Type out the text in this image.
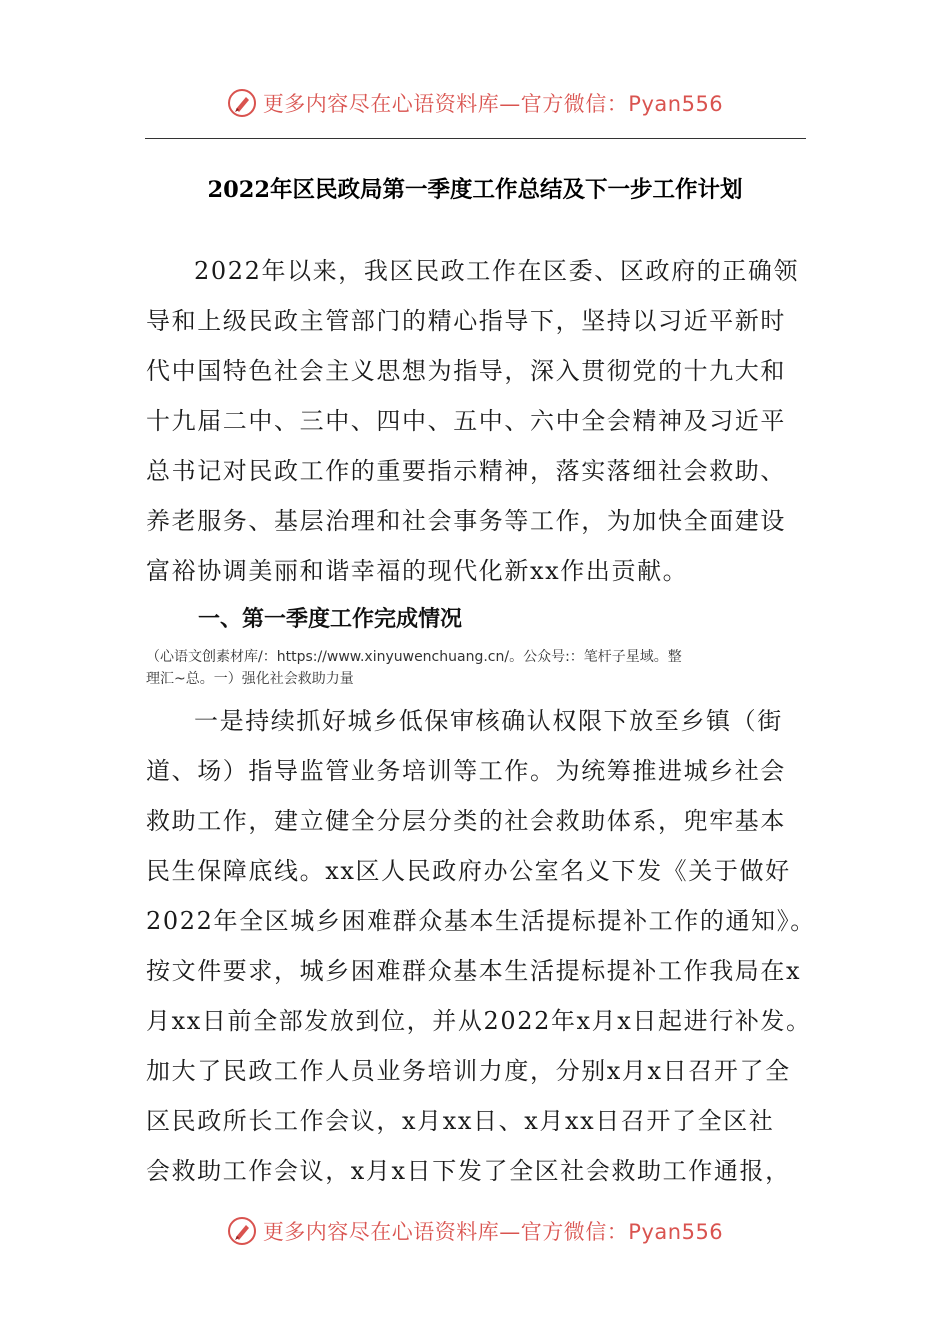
更多内容尽在心语资料库—官方微信：Pyan556
2022年区民政局第一季度工作总结及下一步工作计划
2022年以来，我区民政工作在区委、区政府的正确领
导和上级民政主管部门的精心指导下，坚持以习近平新时
代中国特色社会主义思想为指导，深入贯彻党的十九大和
十九届二中、三中、四中、五中、六中全会精神及习近平
总书记对民政工作的重要指示精神，落实落细社会救助、
养老服务、基层治理和社会事务等工作，为加快全面建设
富裕协调美丽和谐幸福的现代化新xx作出贡献。
一、第一季度工作完成情况
（心语文创素材库/：https://www.xinyuwenchuang.cn/。公众号:：笔杆子星域。整
理汇~总。一）强化社会救助力量
一是持续抓好城乡低保审核确认权限下放至乡镇（街
道、场）指导监管业务培训等工作。为统筹推进城乡社会
救助工作，建立健全分层分类的社会救助体系，兜牢基本
民生保障底线。xx区人民政府办公室名义下发《关于做好
2022年全区城乡困难群众基本生活提标提补工作的通知》。
按文件要求，城乡困难群众基本生活提标提补工作我局在x
月xx日前全部发放到位，并从2022年x月x日起进行补发。
加大了民政工作人员业务培训力度，分别x月x日召开了全
区民政所长工作会议，x月xx日、x月xx日召开了全区社
会救助工作会议，x月x日下发了全区社会救助工作通报，
更多内容尽在心语资料库—官方微信：Pyan556
